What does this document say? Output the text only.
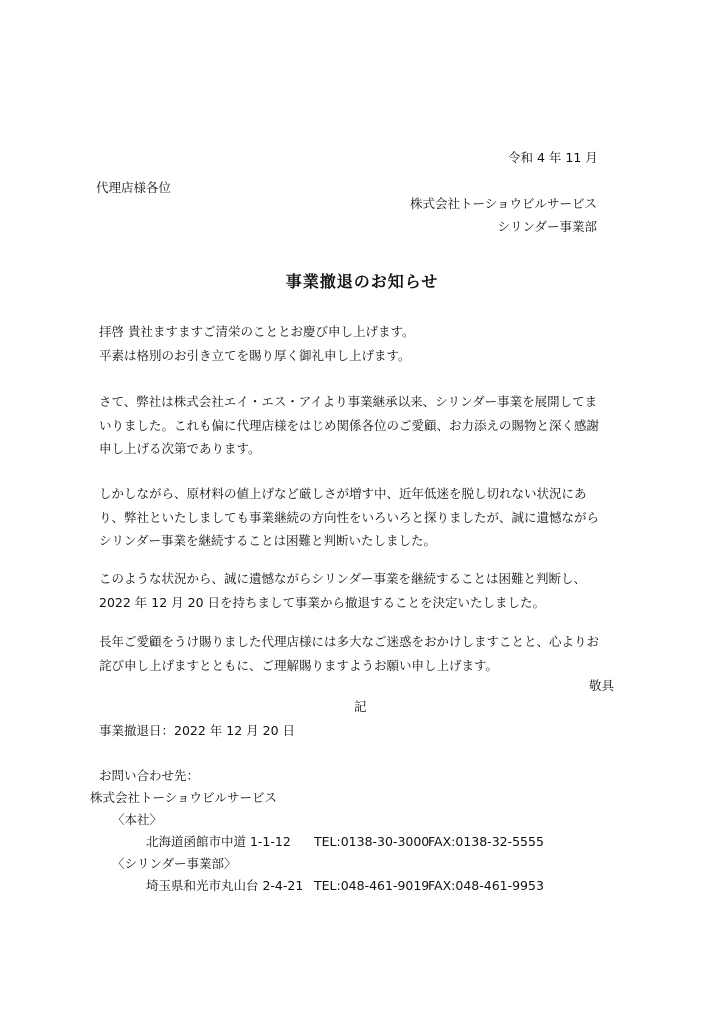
令和 4 年 11 月
代理店様各位
株式会社トーショウビルサービス
シリンダー事業部
事業撤退のお知らせ

拝啓 貴社ますますご清栄のこととお慶び申し上げます。

平素は格別のお引き立てを賜り厚く御礼申し上げます。

さて、弊社は株式会社エイ・エス・アイより事業継承以来、シリンダー事業を展開してま

いりました。これも偏に代理店様をはじめ関係各位のご愛顧、お力添えの賜物と深く感謝

申し上げる次第であります。

しかしながら、原材料の値上げなど厳しさが増す中、近年低迷を脱し切れない状況にあ

り、弊社といたしましても事業継続の方向性をいろいろと探りましたが、誠に遺憾ながら

シリンダー事業を継続することは困難と判断いたしました。

このような状況から、誠に遺憾ながらシリンダー事業を継続することは困難と判断し、

2022 年 12 月 20 日を持ちまして事業から撤退することを決定いたしました。

長年ご愛顧をうけ賜りました代理店様には多大なご迷惑をおかけしますことと、心よりお

詫び申し上げますとともに、ご理解賜りますようお願い申し上げます。

敬具
記
事業撤退日：2022 年 12 月 20 日
お問い合わせ先：
株式会社トーショウビルサービス
〈本社〉
北海道函館市中道 1-1-12 TEL:0138-30-3000
FAX:0138-32-5555
〈シリンダー事業部〉
埼玉県和光市丸山台 2-4-21 TEL:048-461-9019
FAX:048-461-9953
